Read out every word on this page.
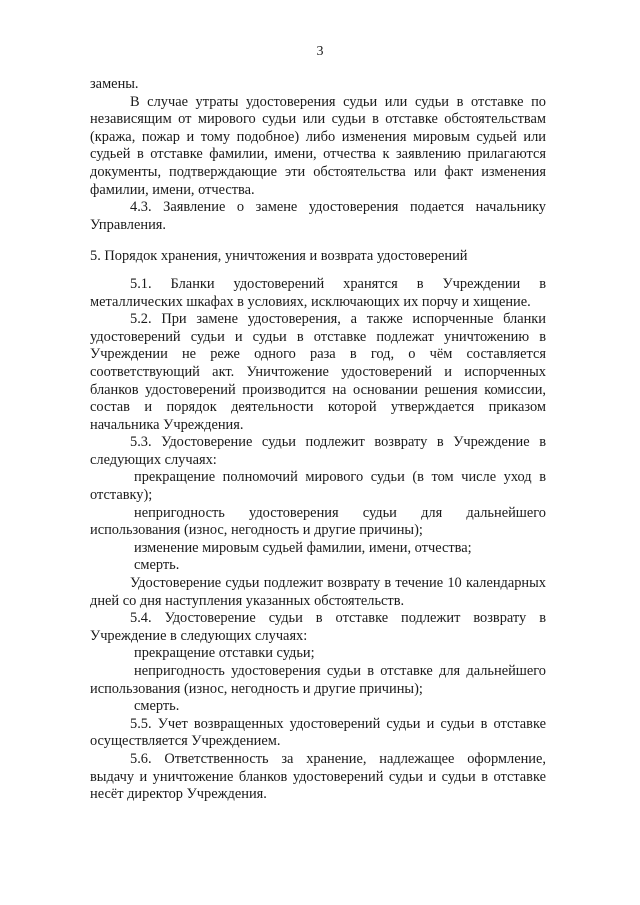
3

замены.

В случае утраты удостоверения судьи или судьи в отставке по независящим от мирового судьи или судьи в отставке обстоятельствам (кража, пожар и тому подобное) либо изменения мировым судьей или судьей в отставке фамилии, имени, отчества к заявлению прилагаются документы, подтверждающие эти обстоятельства или факт изменения фамилии, имени, отчества.

4.3. Заявление о замене удостоверения подается начальнику Управления.

5. Порядок хранения, уничтожения и возврата удостоверений

5.1. Бланки удостоверений хранятся в Учреждении в металлических шкафах в условиях, исключающих их порчу и хищение.

5.2. При замене удостоверения, а также испорченные бланки удостоверений судьи и судьи в отставке подлежат уничтожению в Учреждении не реже одного раза в год, о чём составляется соответствующий акт. Уничтожение удостоверений и испорченных бланков удостоверений производится на основании решения комиссии, состав и порядок деятельности которой утверждается приказом начальника Учреждения.

5.3. Удостоверение судьи подлежит возврату в Учреждение в следующих случаях:

прекращение полномочий мирового судьи (в том числе уход в отставку);

непригодность удостоверения судьи для дальнейшего использования (износ, негодность и другие причины);

изменение мировым судьей фамилии, имени, отчества;

смерть.

Удостоверение судьи подлежит возврату в течение 10 календарных дней со дня наступления указанных обстоятельств.

5.4. Удостоверение судьи в отставке подлежит возврату в Учреждение в следующих случаях:

прекращение отставки судьи;

непригодность удостоверения судьи в отставке для дальнейшего использования (износ, негодность и другие причины);

смерть.

5.5. Учет возвращенных удостоверений судьи и судьи в отставке осуществляется Учреждением.

5.6. Ответственность за хранение, надлежащее оформление, выдачу и уничтожение бланков удостоверений судьи и судьи в отставке несёт директор Учреждения.
